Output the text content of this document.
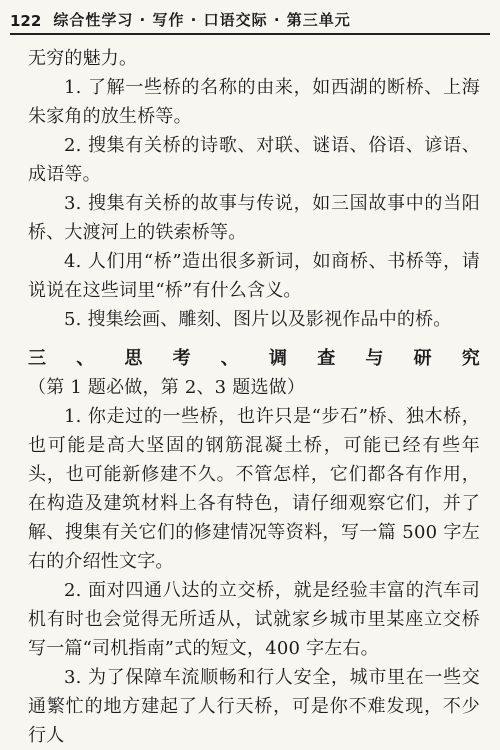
122 综合性学习 · 写作 · 口语交际 · 第三单元

无穷的魅力。

1. 了解一些桥的名称的由来，如西湖的断桥、上海朱家角的放生桥等。

2. 搜集有关桥的诗歌、对联、谜语、俗语、谚语、成语等。

3. 搜集有关桥的故事与传说，如三国故事中的当阳桥、大渡河上的铁索桥等。

4. 人们用“桥”造出很多新词，如商桥、书桥等，请说说在这些词里“桥”有什么含义。

5. 搜集绘画、雕刻、图片以及影视作品中的桥。

三、思考、调查与研究（第 1 题必做，第 2、3 题选做）

1. 你走过的一些桥，也许只是“步石”桥、独木桥，也可能是高大坚固的钢筋混凝土桥，可能已经有些年头，也可能新修建不久。不管怎样，它们都各有作用，在构造及建筑材料上各有特色，请仔细观察它们，并了解、搜集有关它们的修建情况等资料，写一篇 500 字左右的介绍性文字。

2. 面对四通八达的立交桥，就是经验丰富的汽车司机有时也会觉得无所适从，试就家乡城市里某座立交桥写一篇“司机指南”式的短文，400 字左右。

3. 为了保障车流顺畅和行人安全，城市里在一些交通繁忙的地方建起了人行天桥，可是你不难发现，不少行人
